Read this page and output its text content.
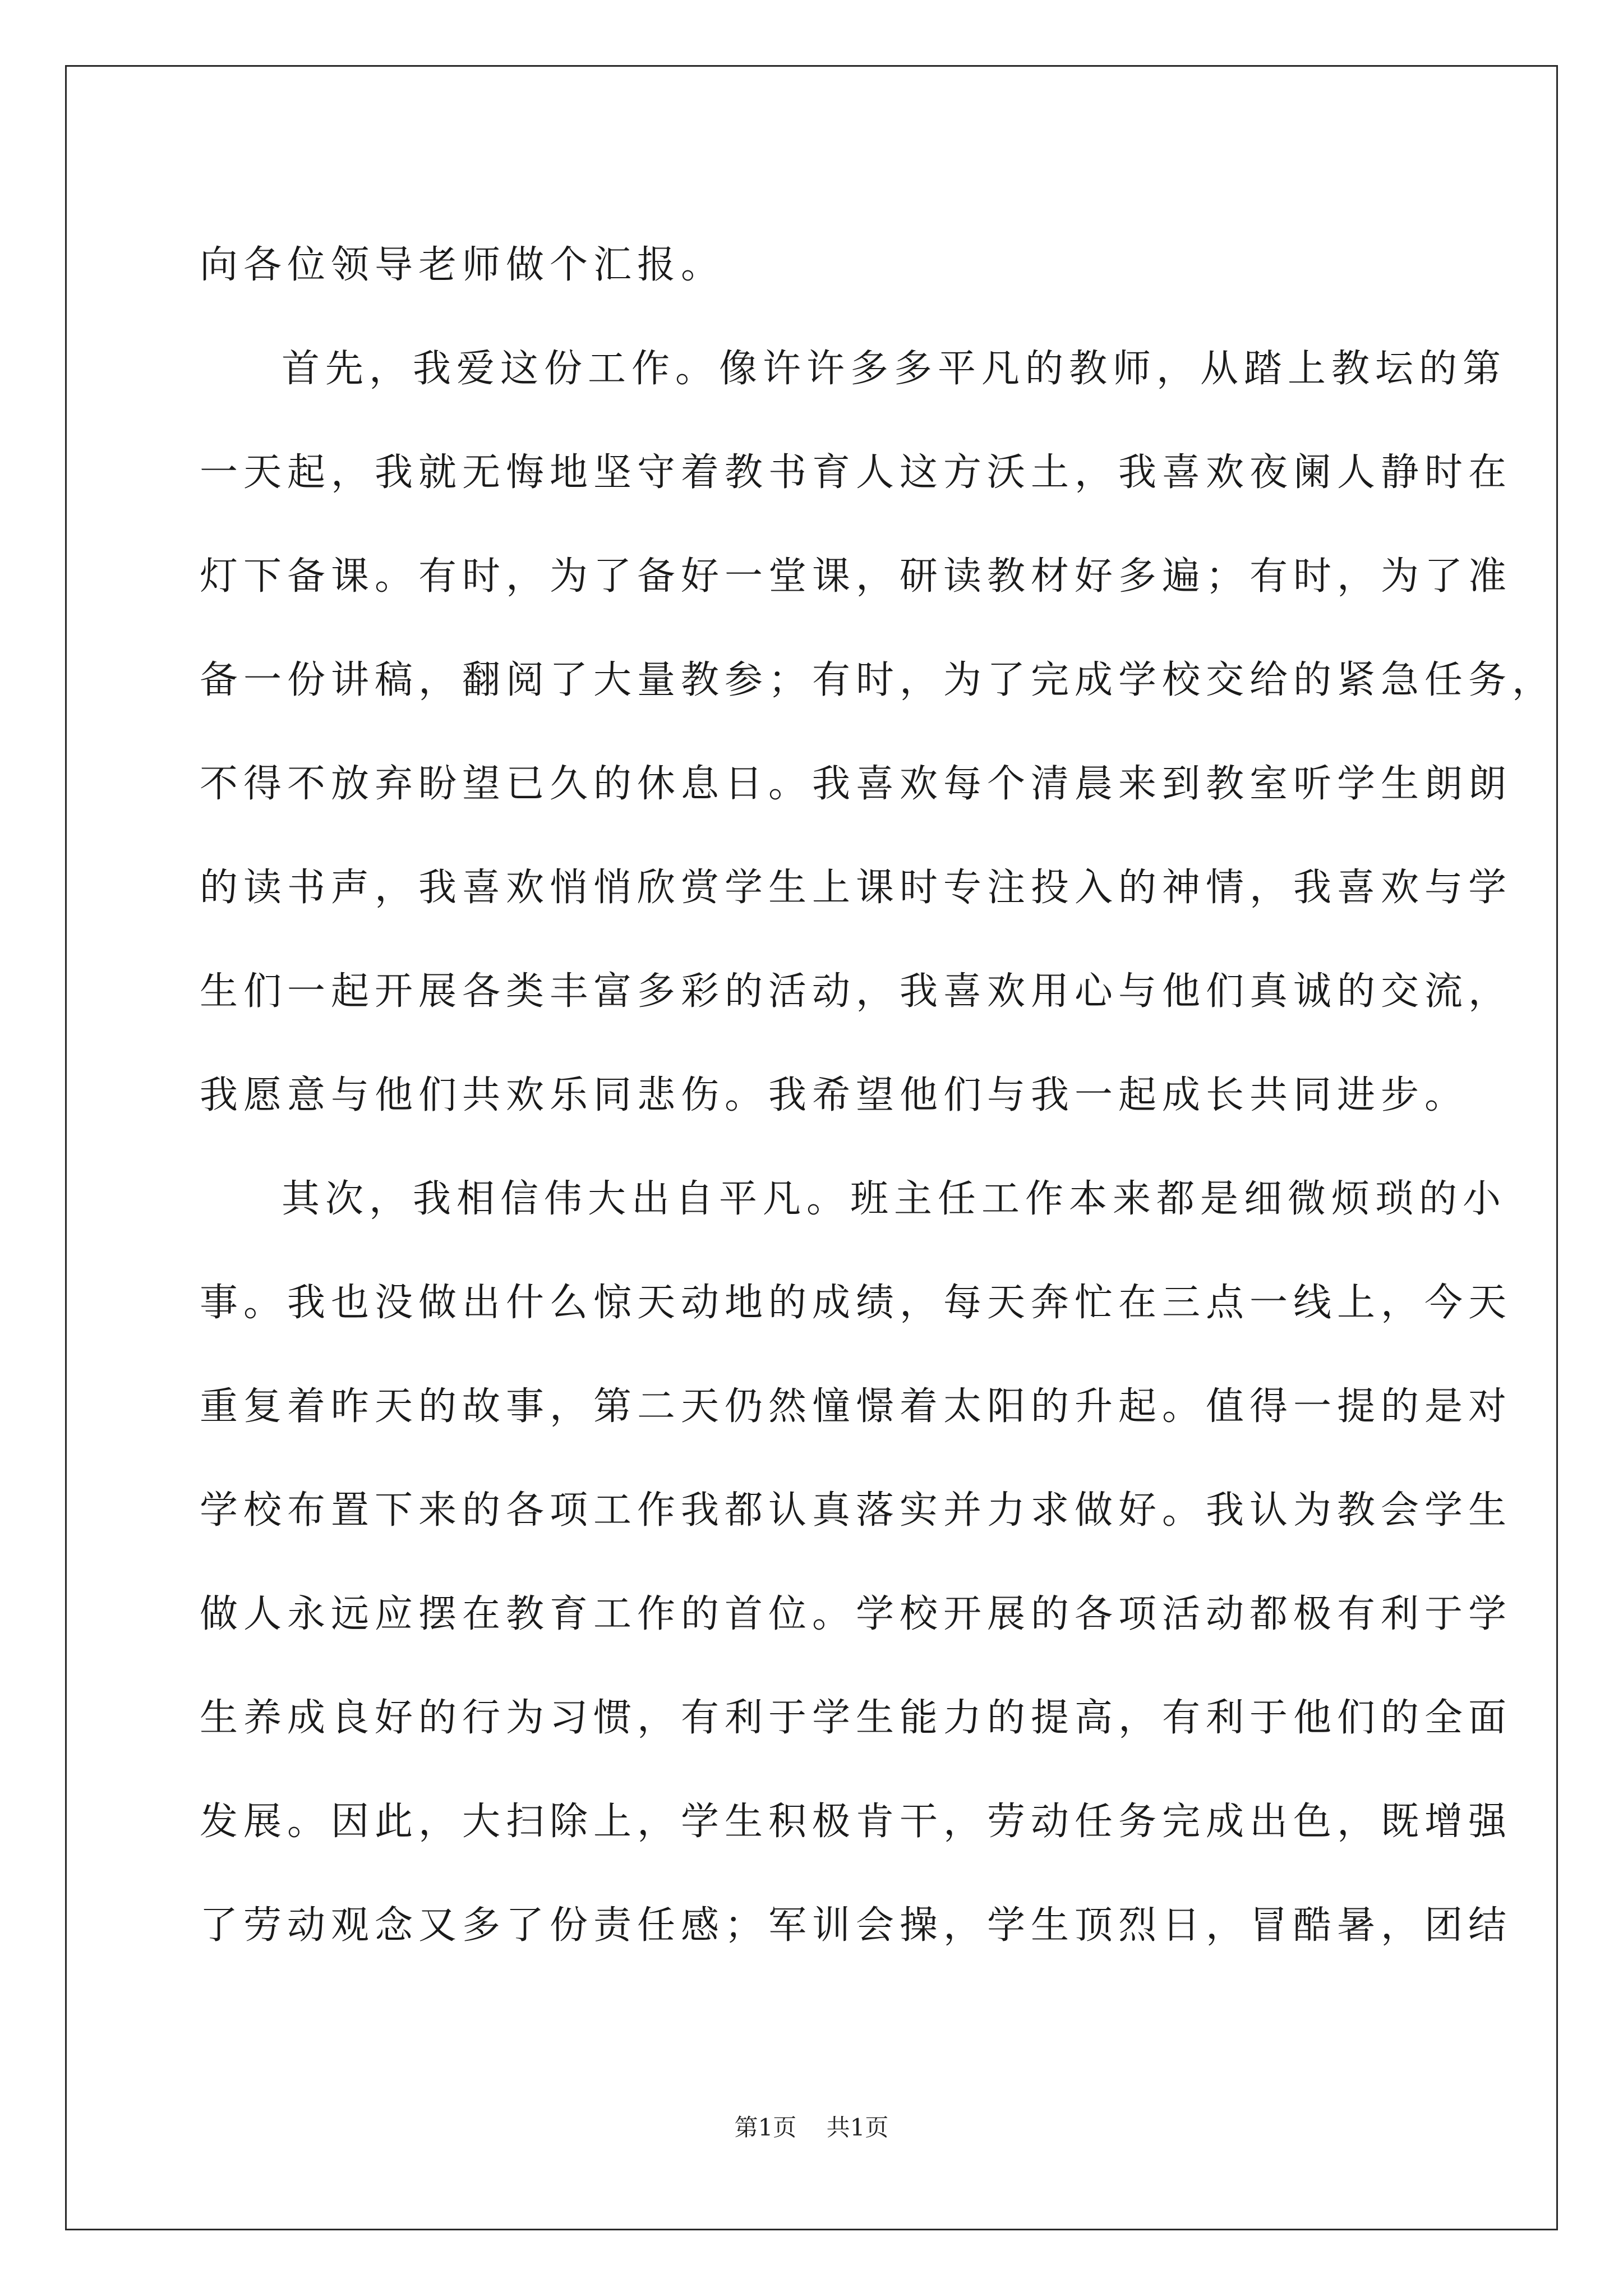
向各位领导老师做个汇报。
首先，我爱这份工作。像许许多多平凡的教师，从踏上教坛的第
一天起，我就无悔地坚守着教书育人这方沃土，我喜欢夜阑人静时在
灯下备课。有时，为了备好一堂课，研读教材好多遍；有时，为了准
备一份讲稿，翻阅了大量教参；有时，为了完成学校交给的紧急任务，
不得不放弃盼望已久的休息日。我喜欢每个清晨来到教室听学生朗朗
的读书声，我喜欢悄悄欣赏学生上课时专注投入的神情，我喜欢与学
生们一起开展各类丰富多彩的活动，我喜欢用心与他们真诚的交流，
我愿意与他们共欢乐同悲伤。我希望他们与我一起成长共同进步。
其次，我相信伟大出自平凡。班主任工作本来都是细微烦琐的小
事。我也没做出什么惊天动地的成绩，每天奔忙在三点一线上，今天
重复着昨天的故事，第二天仍然憧憬着太阳的升起。值得一提的是对
学校布置下来的各项工作我都认真落实并力求做好。我认为教会学生
做人永远应摆在教育工作的首位。学校开展的各项活动都极有利于学
生养成良好的行为习惯，有利于学生能力的提高，有利于他们的全面
发展。因此，大扫除上，学生积极肯干，劳动任务完成出色，既增强
了劳动观念又多了份责任感；军训会操，学生顶烈日，冒酷暑，团结
第1页 共1页
